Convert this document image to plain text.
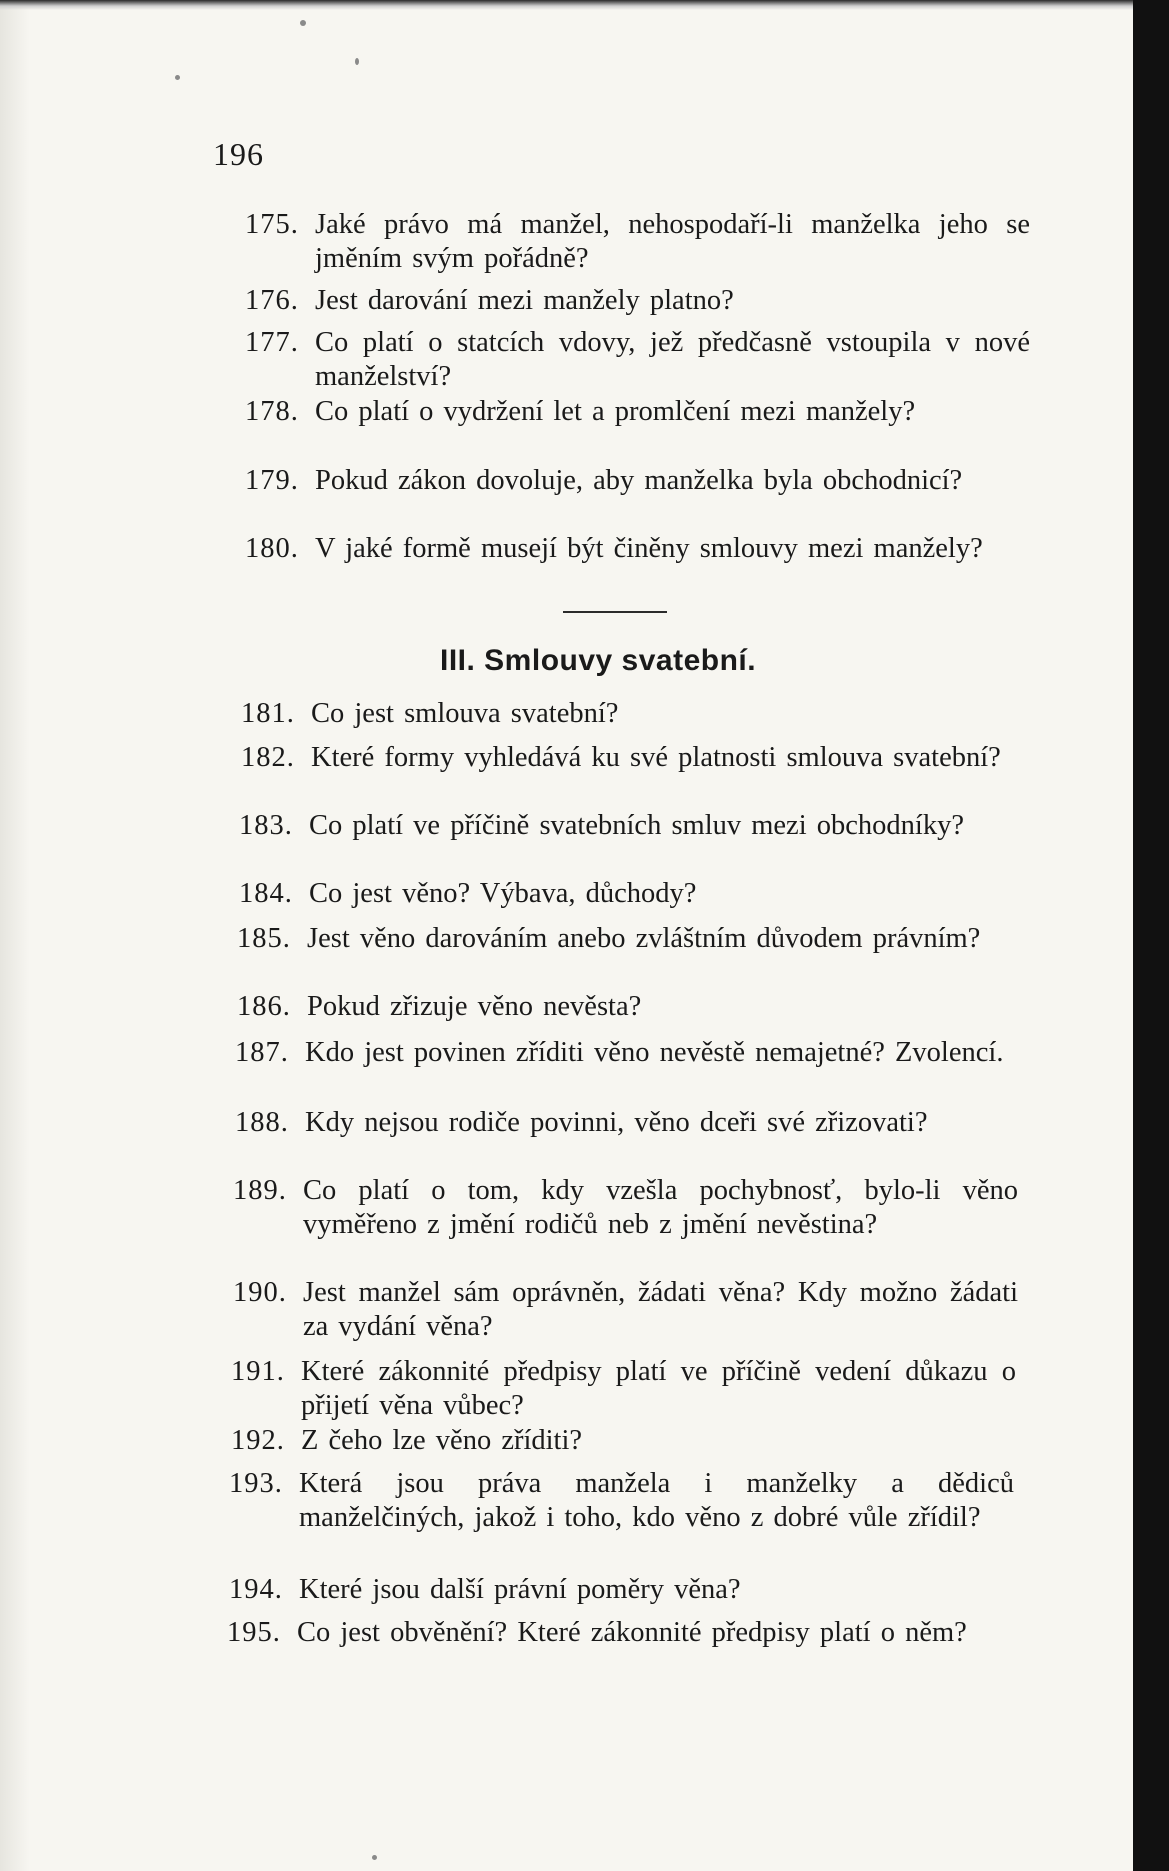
196
175. Jaké právo má manžel, nehospodaří-li manželka jeho se jměním svým pořádně?
176. Jest darování mezi manžely platno?
177. Co platí o statcích vdovy, jež předčasně vstoupila v nové manželství?
178. Co platí o vydržení let a promlčení mezi manžely?
179. Pokud zákon dovoluje, aby manželka byla obchodnicí?
180. V jaké formě musejí být činěny smlouvy mezi manžely?
III. Smlouvy svatební.
181. Co jest smlouva svatební?
182. Které formy vyhledává ku své platnosti smlouva svatební?
183. Co platí ve příčině svatebních smluv mezi obchodníky?
184. Co jest věno? Výbava, důchody?
185. Jest věno darováním anebo zvláštním důvodem právním?
186. Pokud zřizuje věno nevěsta?
187. Kdo jest povinen zříditi věno nevěstě nemajetné? Zvolencí.
188. Kdy nejsou rodiče povinni, věno dceři své zřizovati?
189. Co platí o tom, kdy vzešla pochybnosť, bylo-li věno vyměřeno z jmění rodičů neb z jmění nevěstina?
190. Jest manžel sám oprávněn, žádati věna? Kdy možno žádati za vydání věna?
191. Které zákonnité předpisy platí ve příčině vedení důkazu o přijetí věna vůbec?
192. Z čeho lze věno zříditi?
193. Která jsou práva manžela i manželky a dědiců manželčiných, jakož i toho, kdo věno z dobré vůle zřídil?
194. Které jsou další právní poměry věna?
195. Co jest obvěnění? Které zákonnité předpisy platí o něm?
